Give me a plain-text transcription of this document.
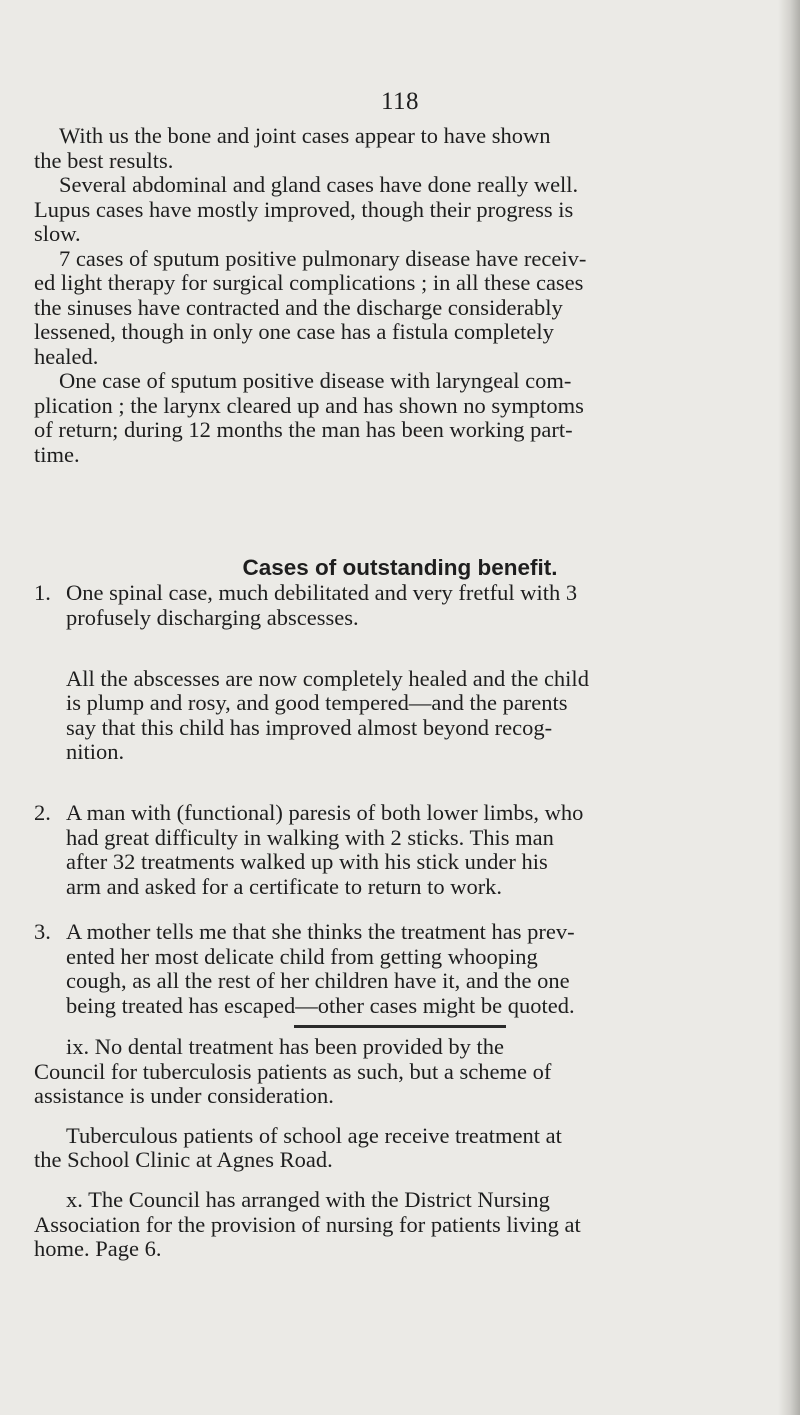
118
With us the bone and joint cases appear to have shown
the best results.
Several abdominal and gland cases have done really well.
Lupus cases have mostly improved, though their progress is
slow.
7 cases of sputum positive pulmonary disease have receiv-
ed light therapy for surgical complications ; in all these cases
the sinuses have contracted and the discharge considerably
lessened, though in only one case has a fistula completely
healed.
One case of sputum positive disease with laryngeal com-
plication ; the larynx cleared up and has shown no symptoms
of return; during 12 months the man has been working part-
time.
Cases of outstanding benefit.
1. One spinal case, much debilitated and very fretful with 3
profusely discharging abscesses.
All the abscesses are now completely healed and the child
is plump and rosy, and good tempered—and the parents
say that this child has improved almost beyond recog-
nition.
2. A man with (functional) paresis of both lower limbs, who
had great difficulty in walking with 2 sticks. This man
after 32 treatments walked up with his stick under his
arm and asked for a certificate to return to work.
3. A mother tells me that she thinks the treatment has prev-
ented her most delicate child from getting whooping
cough, as all the rest of her children have it, and the one
being treated has escaped—other cases might be quoted.
ix. No dental treatment has been provided by the
Council for tuberculosis patients as such, but a scheme of
assistance is under consideration.
Tuberculous patients of school age receive treatment at
the School Clinic at Agnes Road.
x. The Council has arranged with the District Nursing
Association for the provision of nursing for patients living at
home. Page 6.
